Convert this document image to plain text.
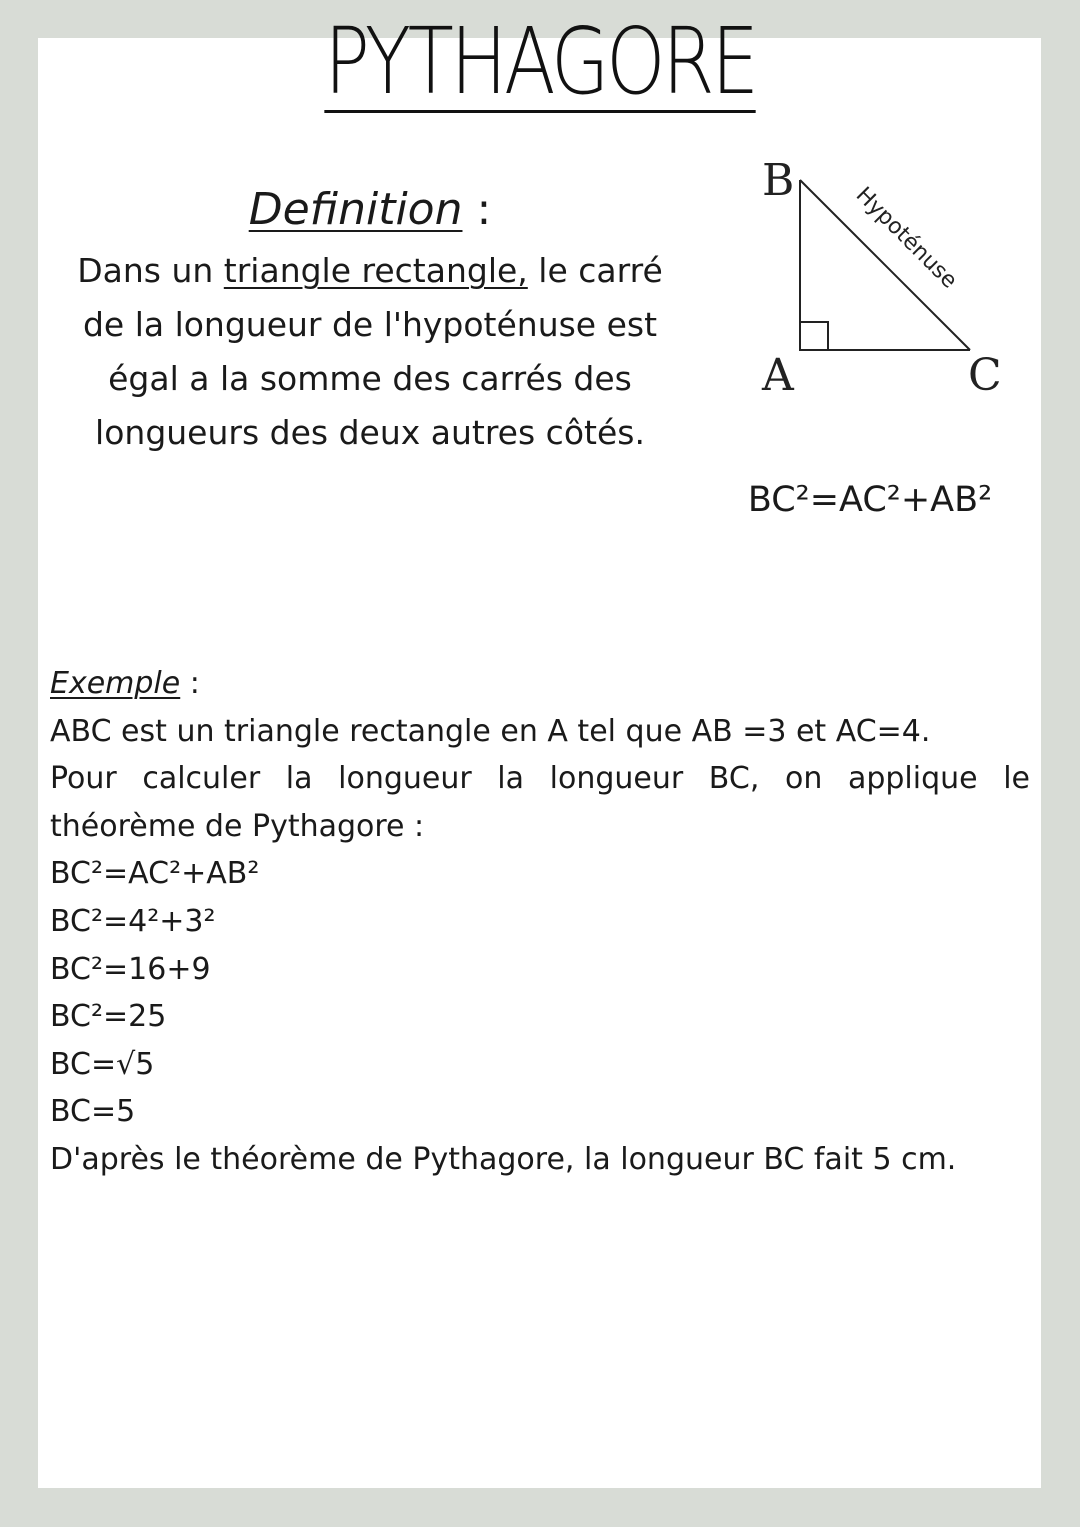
PYTHAGORE
Definition :

Dans un triangle rectangle, le carré
de la longueur de l'hypoténuse est
égal a la somme des carrés des
longueurs des deux autres côtés.

B
A	C
Hypoténuse
BC²=AC²+AB²
Exemple :
ABC est un triangle rectangle en A tel que AB =3 et AC=4.
Pour calculer la longueur la longueur BC, on applique le
théorème de Pythagore :
BC²=AC²+AB²
BC²=4²+3²
BC²=16+9
BC²=25
BC=√5
BC=5
D'après le théorème de Pythagore, la longueur BC fait 5 cm.
